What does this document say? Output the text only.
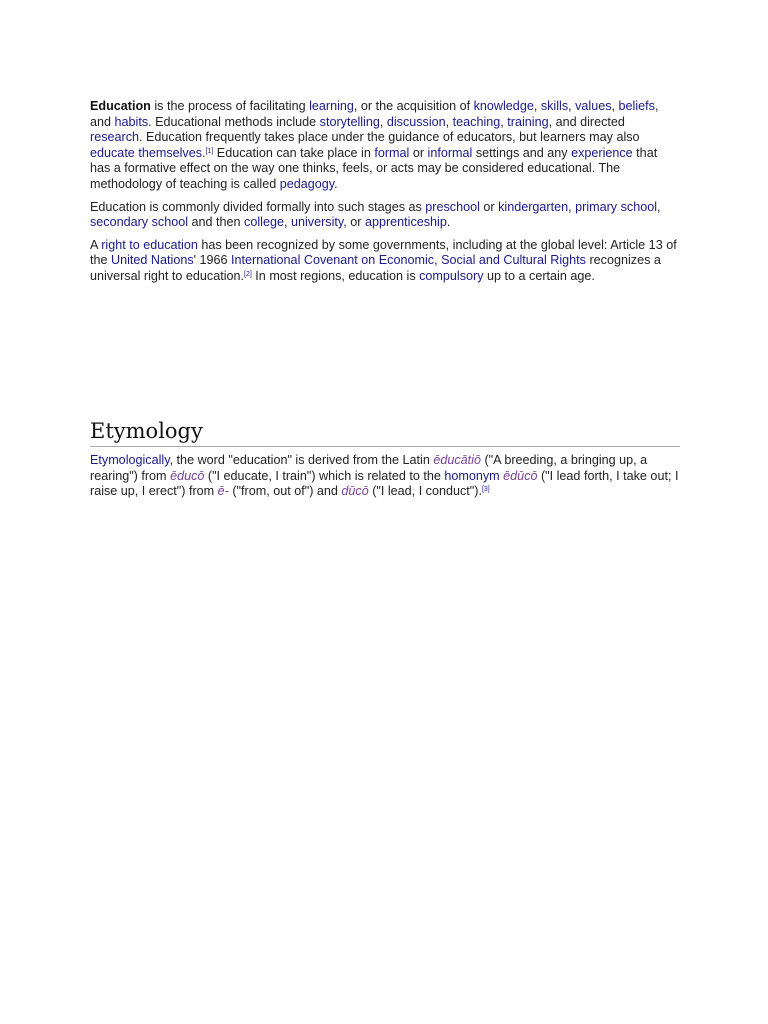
Education is the process of facilitating learning, or the acquisition of knowledge, skills, values, beliefs, and habits. Educational methods include storytelling, discussion, teaching, training, and directed research. Education frequently takes place under the guidance of educators, but learners may also educate themselves.[1] Education can take place in formal or informal settings and any experience that has a formative effect on the way one thinks, feels, or acts may be considered educational. The methodology of teaching is called pedagogy.

Education is commonly divided formally into such stages as preschool or kindergarten, primary school, secondary school and then college, university, or apprenticeship.

A right to education has been recognized by some governments, including at the global level: Article 13 of the United Nations' 1966 International Covenant on Economic, Social and Cultural Rights recognizes a universal right to education.[2] In most regions, education is compulsory up to a certain age.

Etymology
Etymologically, the word "education" is derived from the Latin ēducātiō ("A breeding, a bringing up, a rearing") from ēducō ("I educate, I train") which is related to the homonym ēdūcō ("I lead forth, I take out; I raise up, I erect") from ē- ("from, out of") and dūcō ("I lead, I conduct").[3]
